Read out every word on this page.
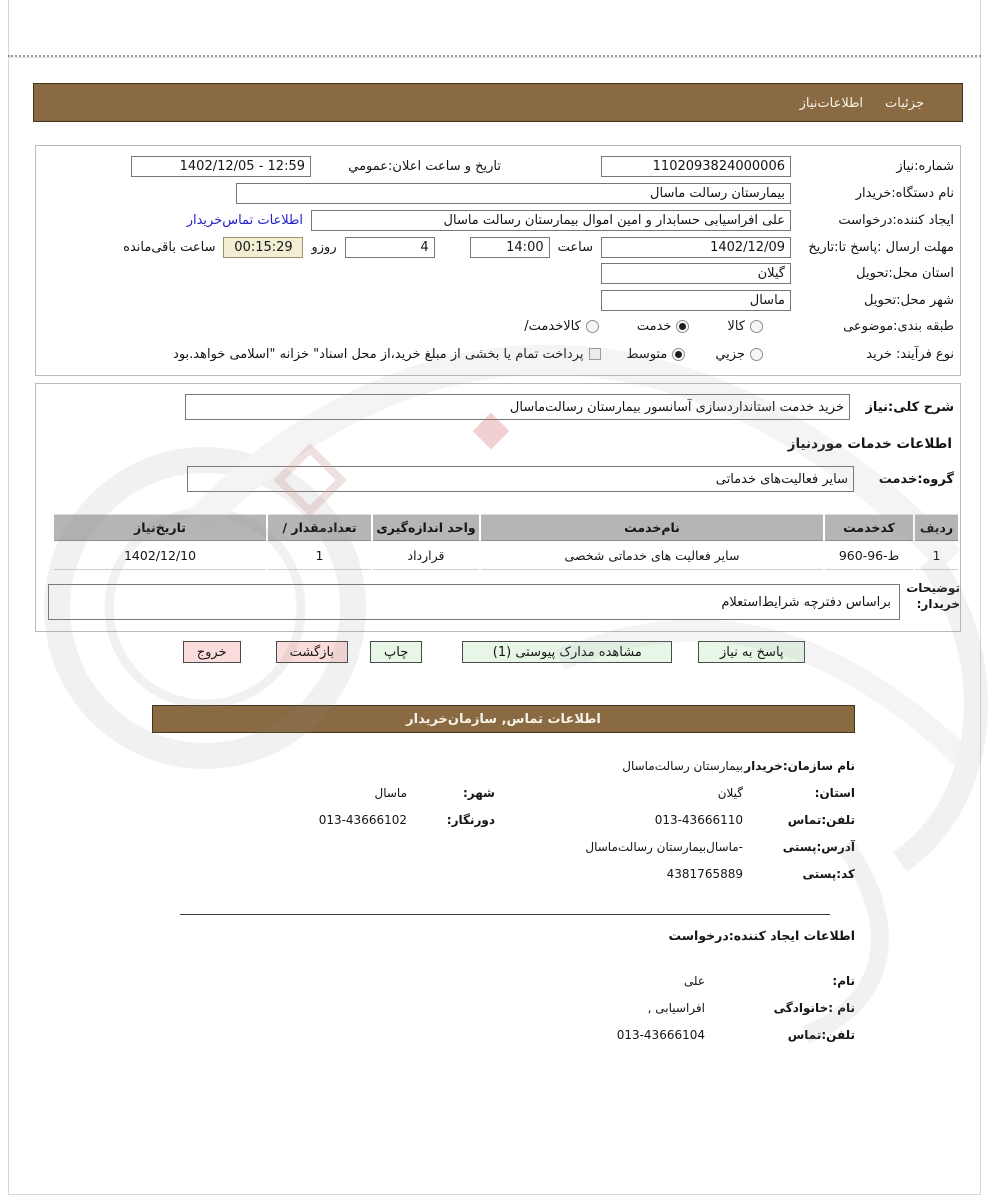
جزئیات
اطلاعات‌نیاز
شماره:نیاز
1102093824000006
تاریخ و ساعت اعلان:عمومي
1402/12/05 - 12:59
نام دستگاه:خریدار
بیمارستان رسالت ماسال
ایجاد کننده:درخواست
علی افراسیابی حسابدار و امین اموال بیمارستان رسالت ماسال
اطلاعات تماس‌خریدار
مهلت ارسال :پاسخ تا:تاریخ
1402/12/09
ساعت
14:00
4
روزو
00:15:29
ساعت باقی‌مانده
استان محل:تحویل
گیلان
شهر محل:تحویل
ماسال
طبقه بندی:موضوعی
کالا
خدمت
کالاخدمت/
نوع فرآیند: خرید
جزیي
متوسط
پرداخت تمام یا بخشی از مبلغ خرید،از محل اسناد" خزانه "اسلامی خواهد.بود
شرح کلی:نیاز
خرید خدمت استانداردسازی آسانسور بیمارستان رسالت‌ماسال
اطلاعات خدمات موردنیاز
گروه:خدمت
سایر فعالیت‌های خدماتی
ردیف
کدخدمت
نام‌خدمت
واحد اندازه‌گیری
تعدادمقدار /
تاریخ‌نیاز
1
ط-96-960
سایر فعالیت های خدماتی شخصی
قرارداد
1
1402/12/10
توضیحات
خریدار:
براساس دفترچه شرایط‌استعلام
پاسخ به نیاز
مشاهده مدارک پیوستی (1)
چاپ
بازگشت
خروج
اطلاعات تماس, سازمان‌خریدار
نام سازمان:خریدار
بیمارستان رسالت‌ماسال
استان:
گیلان
شهر:
ماسال
تلفن:تماس
013-43666110
دورنگار:
013-43666102
آدرس:پستی
-ماسال‌بیمارستان رسالت‌ماسال
کد:پستی
4381765889
اطلاعات ایجاد کننده:درخواست
نام:
علی
نام :خانوادگی
افراسیابی ,
تلفن:تماس
013-43666104
